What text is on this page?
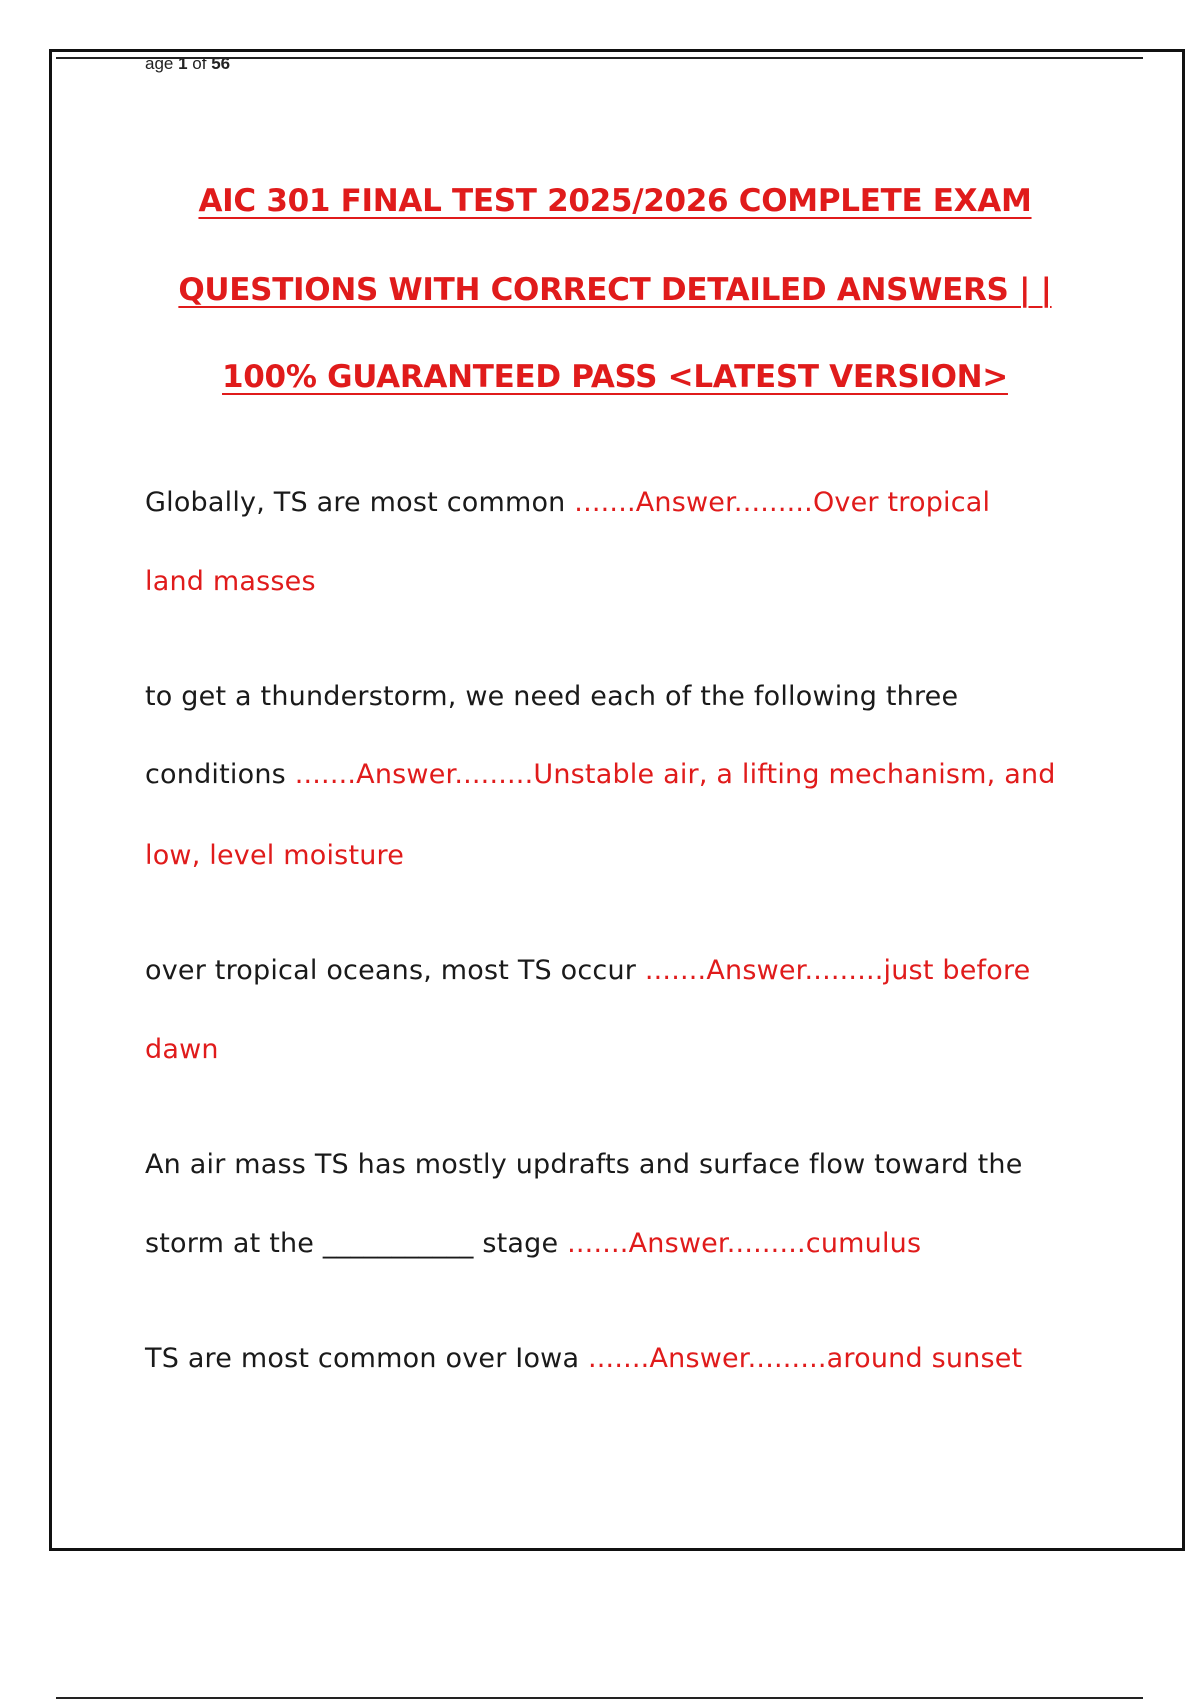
age 1 of 56
AIC 301 FINAL TEST 2025/2026 COMPLETE EXAM
QUESTIONS WITH CORRECT DETAILED ANSWERS | |
100% GUARANTEED PASS <LATEST VERSION>
Globally, TS are most common .......Answer.........Over tropical
land masses
to get a thunderstorm, we need each of the following three
conditions .......Answer.........Unstable air, a lifting mechanism, and
low, level moisture
over tropical oceans, most TS occur .......Answer.........just before
dawn
An air mass TS has mostly updrafts and surface flow toward the
storm at the ___________ stage .......Answer.........cumulus
TS are most common over Iowa .......Answer.........around sunset
